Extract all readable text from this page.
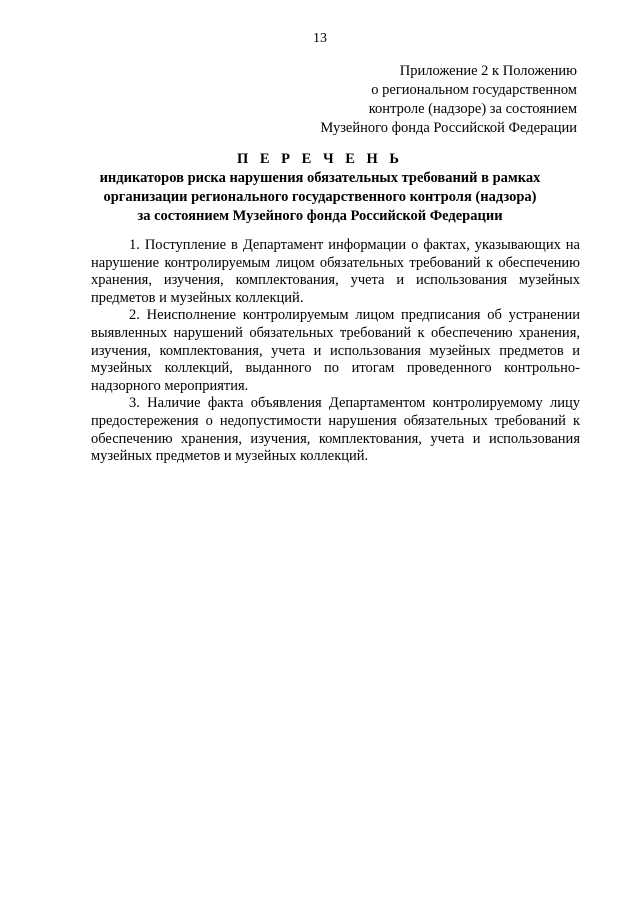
13
Приложение 2 к Положению
о региональном государственном
контроле (надзоре) за состоянием
Музейного фонда Российской Федерации
П Е Р Е Ч Е Н Ь
индикаторов риска нарушения обязательных требований в рамках
организации регионального государственного контроля (надзора)
за состоянием Музейного фонда Российской Федерации

1. Поступление в Департамент информации о фактах, указывающих на нарушение контролируемым лицом обязательных требований к обеспечению хранения, изучения, комплектования, учета и использования музейных предметов и музейных коллекций.

2. Неисполнение контролируемым лицом предписания об устранении выявленных нарушений обязательных требований к обеспечению хранения, изучения, комплектования, учета и использования музейных предметов и музейных коллекций, выданного по итогам проведенного контрольно-надзорного мероприятия.

3. Наличие факта объявления Департаментом контролируемому лицу предостережения о недопустимости нарушения обязательных требований к обеспечению хранения, изучения, комплектования, учета и использования музейных предметов и музейных коллекций.
